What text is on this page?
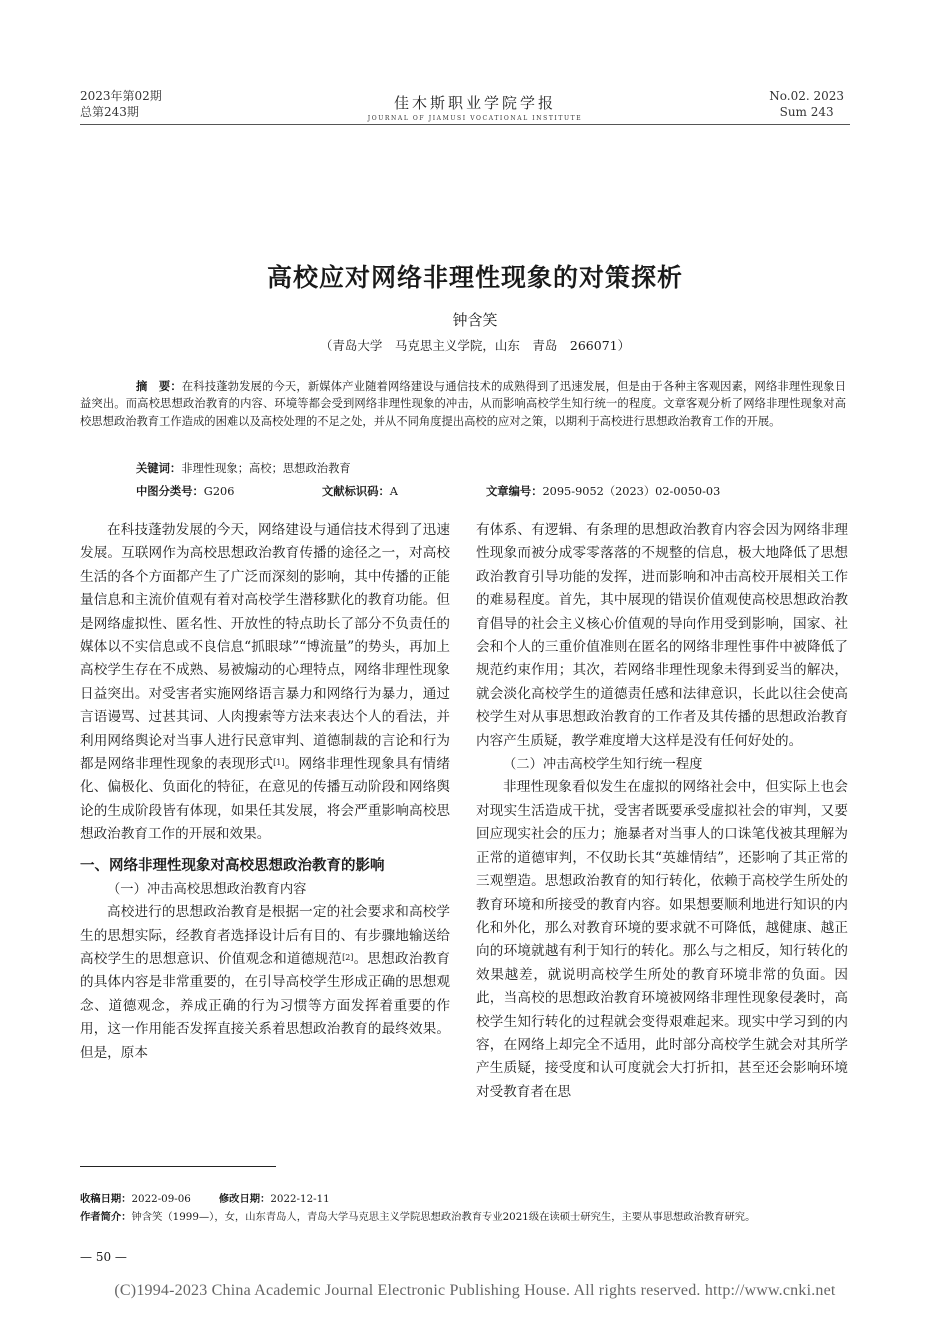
2023年第02期
总第243期	佳木斯职业学院学报
JOURNAL OF JIAMUSI VOCATIONAL INSTITUTE
No.02. 2023
Sum 243
高校应对网络非理性现象的对策探析
钟含笑
（青岛大学　马克思主义学院，山东　青岛　266071）

摘　要：在科技蓬勃发展的今天，新媒体产业随着网络建设与通信技术的成熟得到了迅速发展，但是由于各种主客观因素，网络非理性现象日益突出。而高校思想政治教育的内容、环境等都会受到网络非理性现象的冲击，从而影响高校学生知行统一的程度。文章客观分析了网络非理性现象对高校思想政治教育工作造成的困难以及高校处理的不足之处，并从不同角度提出高校的应对之策，以期利于高校进行思想政治教育工作的开展。

关键词：非理性现象；高校；思想政治教育
中图分类号：G206	文献标识码：A	文章编号：2095-9052（2023）02-0050-03

在科技蓬勃发展的今天，网络建设与通信技术得到了迅速发展。互联网作为高校思想政治教育传播的途径之一，对高校生活的各个方面都产生了广泛而深刻的影响，其中传播的正能量信息和主流价值观有着对高校学生潜移默化的教育功能。但是网络虚拟性、匿名性、开放性的特点助长了部分不负责任的媒体以不实信息或不良信息“抓眼球”“博流量”的势头，再加上高校学生存在不成熟、易被煽动的心理特点，网络非理性现象日益突出。对受害者实施网络语言暴力和网络行为暴力，通过言语谩骂、过甚其词、人肉搜索等方法来表达个人的看法，并利用网络舆论对当事人进行民意审判、道德制裁的言论和行为都是网络非理性现象的表现形式[1]。网络非理性现象具有情绪化、偏极化、负面化的特征，在意见的传播互动阶段和网络舆论的生成阶段皆有体现，如果任其发展，将会严重影响高校思想政治教育工作的开展和效果。

一、网络非理性现象对高校思想政治教育的影响

（一）冲击高校思想政治教育内容

高校进行的思想政治教育是根据一定的社会要求和高校学生的思想实际，经教育者选择设计后有目的、有步骤地输送给高校学生的思想意识、价值观念和道德规范[2]。思想政治教育的具体内容是非常重要的，在引导高校学生形成正确的思想观念、道德观念，养成正确的行为习惯等方面发挥着重要的作用，这一作用能否发挥直接关系着思想政治教育的最终效果。但是，原本

有体系、有逻辑、有条理的思想政治教育内容会因为网络非理性现象而被分成零零落落的不规整的信息，极大地降低了思想政治教育引导功能的发挥，进而影响和冲击高校开展相关工作的难易程度。首先，其中展现的错误价值观使高校思想政治教育倡导的社会主义核心价值观的导向作用受到影响，国家、社会和个人的三重价值准则在匿名的网络非理性事件中被降低了规范约束作用；其次，若网络非理性现象未得到妥当的解决，就会淡化高校学生的道德责任感和法律意识，长此以往会使高校学生对从事思想政治教育的工作者及其传播的思想政治教育内容产生质疑，教学难度增大这样是没有任何好处的。

（二）冲击高校学生知行统一程度

非理性现象看似发生在虚拟的网络社会中，但实际上也会对现实生活造成干扰，受害者既要承受虚拟社会的审判，又要回应现实社会的压力；施暴者对当事人的口诛笔伐被其理解为正常的道德审判，不仅助长其“英雄情结”，还影响了其正常的三观塑造。思想政治教育的知行转化，依赖于高校学生所处的教育环境和所接受的教育内容。如果想要顺利地进行知识的内化和外化，那么对教育环境的要求就不可降低，越健康、越正向的环境就越有利于知行的转化。那么与之相反，知行转化的效果越差，就说明高校学生所处的教育环境非常的负面。因此，当高校的思想政治教育环境被网络非理性现象侵袭时，高校学生知行转化的过程就会变得艰难起来。现实中学习到的内容，在网络上却完全不适用，此时部分高校学生就会对其所学产生质疑，接受度和认可度就会大打折扣，甚至还会影响环境对受教育者在思

收稿日期：2022-09-06	修改日期：2022-12-11
作者简介：钟含笑（1999—），女，山东青岛人，青岛大学马克思主义学院思想政治教育专业2021级在读硕士研究生，主要从事思想政治教育研究。
— 50 —
(C)1994-2023 China Academic Journal Electronic Publishing House. All rights reserved. http://www.cnki.net
